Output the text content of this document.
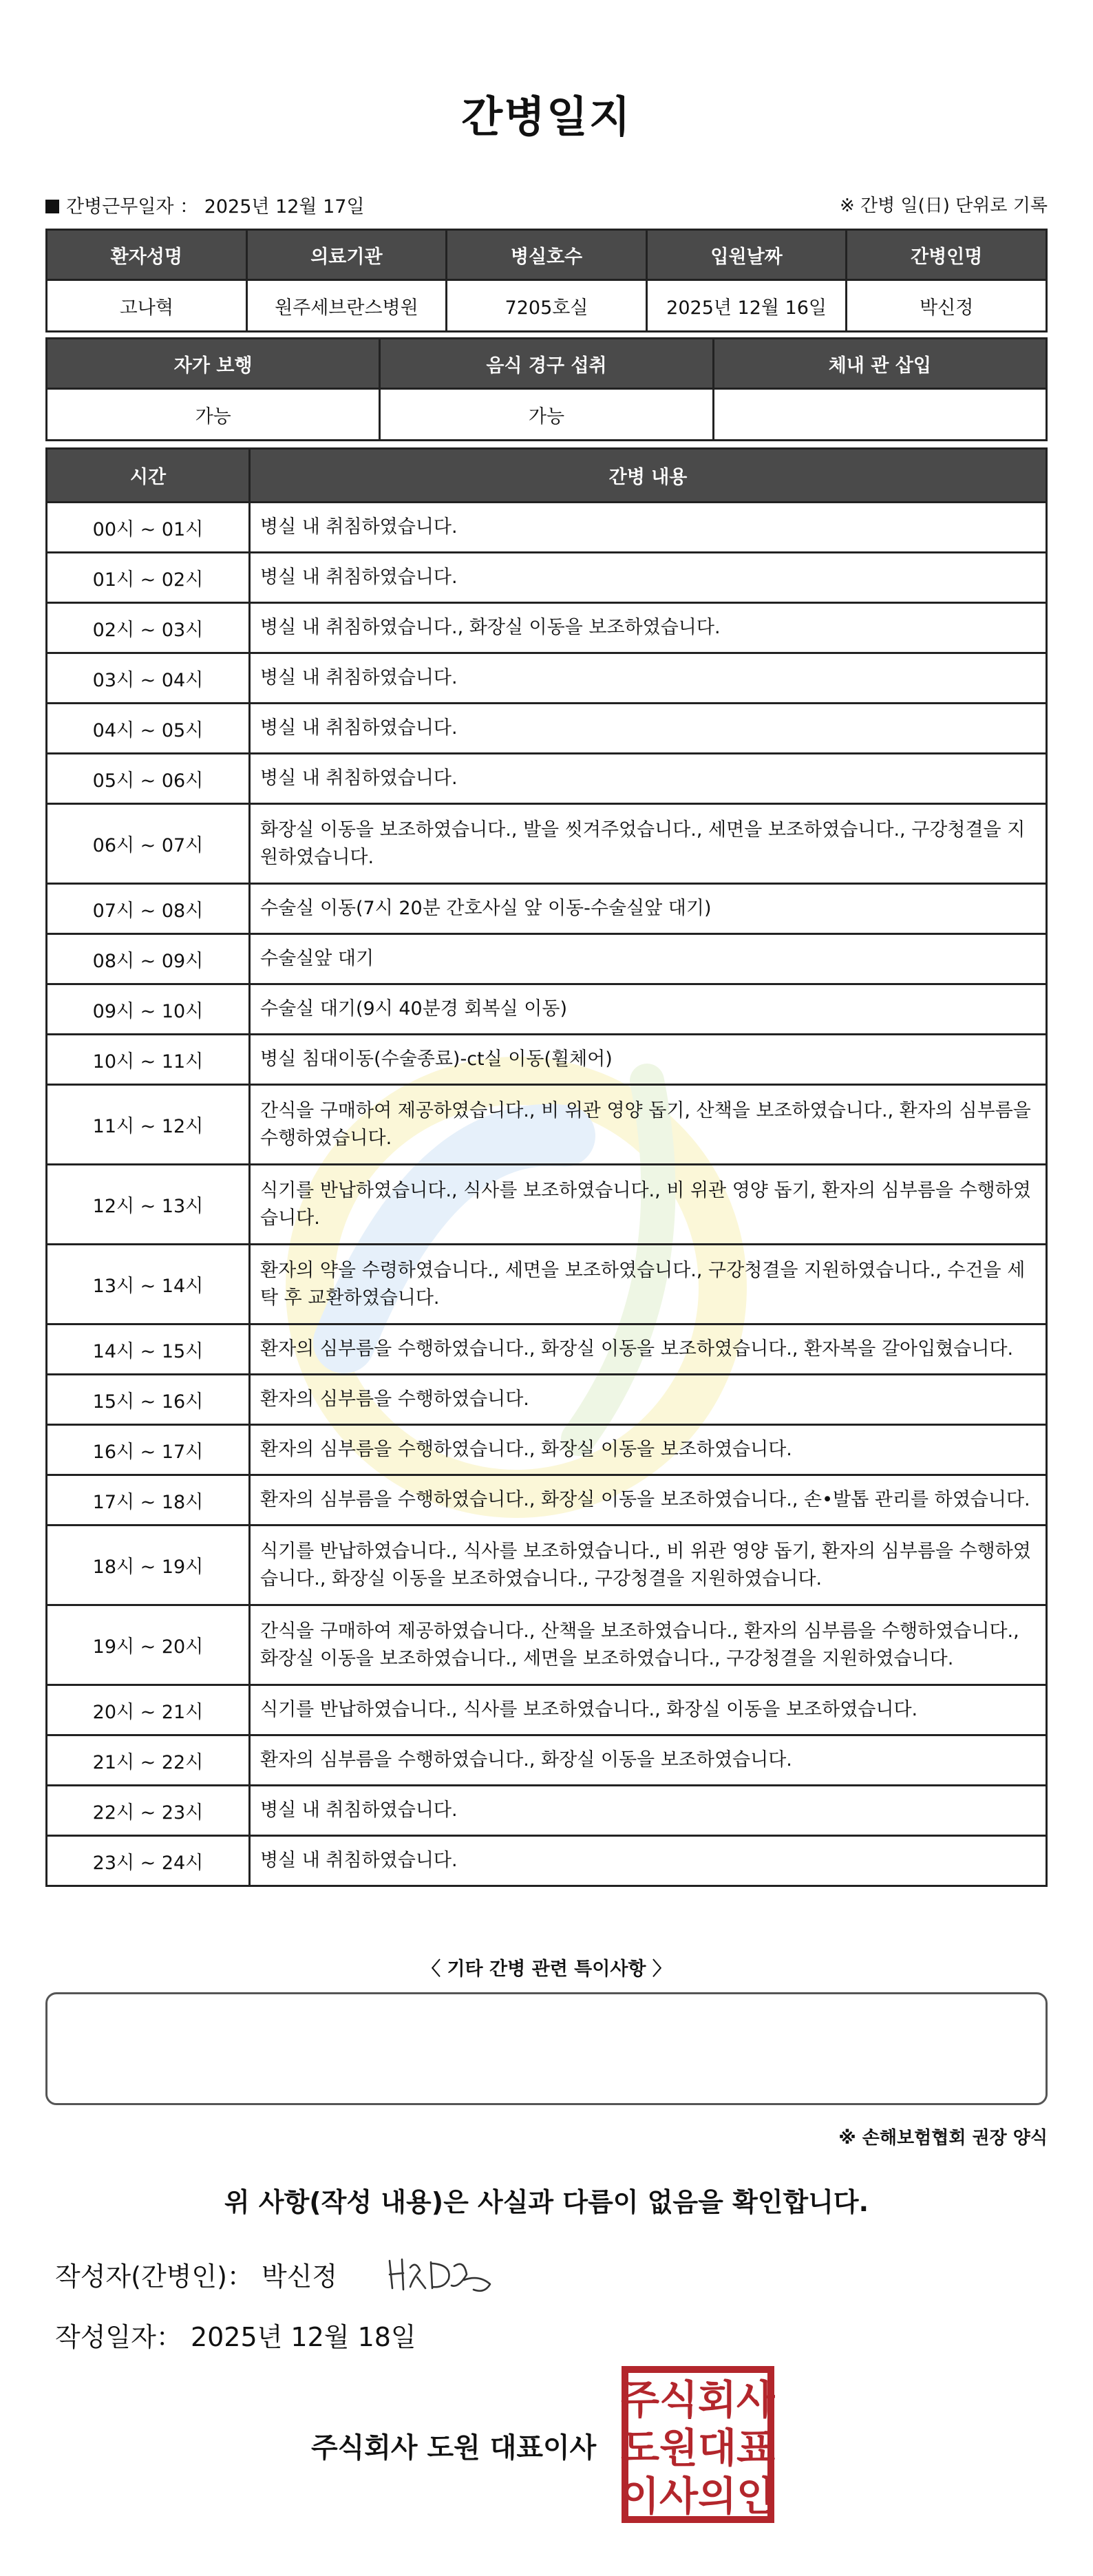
간병일지
간병근무일자 ： 2025년 12월 17일	※ 간병 일(日) 단위로 기록
환자성명	의료기관	병실호수	입원날짜	간병인명
고나혁	원주세브란스병원	7205호실	2025년 12월 16일	박신정
자가 보행	음식 경구 섭취	체내 관 삽입
가능	가능	
시간	간병 내용
00시 ~ 01시	병실 내 취침하였습니다.
01시 ~ 02시	병실 내 취침하였습니다.
02시 ~ 03시	병실 내 취침하였습니다., 화장실 이동을 보조하였습니다.
03시 ~ 04시	병실 내 취침하였습니다.
04시 ~ 05시	병실 내 취침하였습니다.
05시 ~ 06시	병실 내 취침하였습니다.
06시 ~ 07시	화장실 이동을 보조하였습니다., 발을 씻겨주었습니다., 세면을 보조하였습니다., 구강청결을 지원하였습니다.
07시 ~ 08시	수술실 이동(7시 20분 간호사실 앞 이동-수술실앞 대기)
08시 ~ 09시	수술실앞 대기
09시 ~ 10시	수술실 대기(9시 40분경 회복실 이동)
10시 ~ 11시	병실 침대이동(수술종료)-ct실 이동(휠체어)
11시 ~ 12시	간식을 구매하여 제공하였습니다., 비 위관 영양 돕기, 산책을 보조하였습니다., 환자의 심부름을 수행하였습니다.
12시 ~ 13시	식기를 반납하였습니다., 식사를 보조하였습니다., 비 위관 영양 돕기, 환자의 심부름을 수행하였습니다.
13시 ~ 14시	환자의 약을 수령하였습니다., 세면을 보조하였습니다., 구강청결을 지원하였습니다., 수건을 세탁 후 교환하였습니다.
14시 ~ 15시	환자의 심부름을 수행하였습니다., 화장실 이동을 보조하였습니다., 환자복을 갈아입혔습니다.
15시 ~ 16시	환자의 심부름을 수행하였습니다.
16시 ~ 17시	환자의 심부름을 수행하였습니다., 화장실 이동을 보조하였습니다.
17시 ~ 18시	환자의 심부름을 수행하였습니다., 화장실 이동을 보조하였습니다., 손•발톱 관리를 하였습니다.
18시 ~ 19시	식기를 반납하였습니다., 식사를 보조하였습니다., 비 위관 영양 돕기, 환자의 심부름을 수행하였습니다., 화장실 이동을 보조하였습니다., 구강청결을 지원하였습니다.
19시 ~ 20시	간식을 구매하여 제공하였습니다., 산책을 보조하였습니다., 환자의 심부름을 수행하였습니다., 화장실 이동을 보조하였습니다., 세면을 보조하였습니다., 구강청결을 지원하였습니다.
20시 ~ 21시	식기를 반납하였습니다., 식사를 보조하였습니다., 화장실 이동을 보조하였습니다.
21시 ~ 22시	환자의 심부름을 수행하였습니다., 화장실 이동을 보조하였습니다.
22시 ~ 23시	병실 내 취침하였습니다.
23시 ~ 24시	병실 내 취침하였습니다.
〈 기타 간병 관련 특이사항 〉
※ 손해보험협회 권장 양식
위 사항(작성 내용)은 사실과 다름이 없음을 확인합니다.
작성자(간병인)： 박신정
작성일자： 2025년 12월 18일
주식회사 도원 대표이사
주식회사
도원대표
이사의인
